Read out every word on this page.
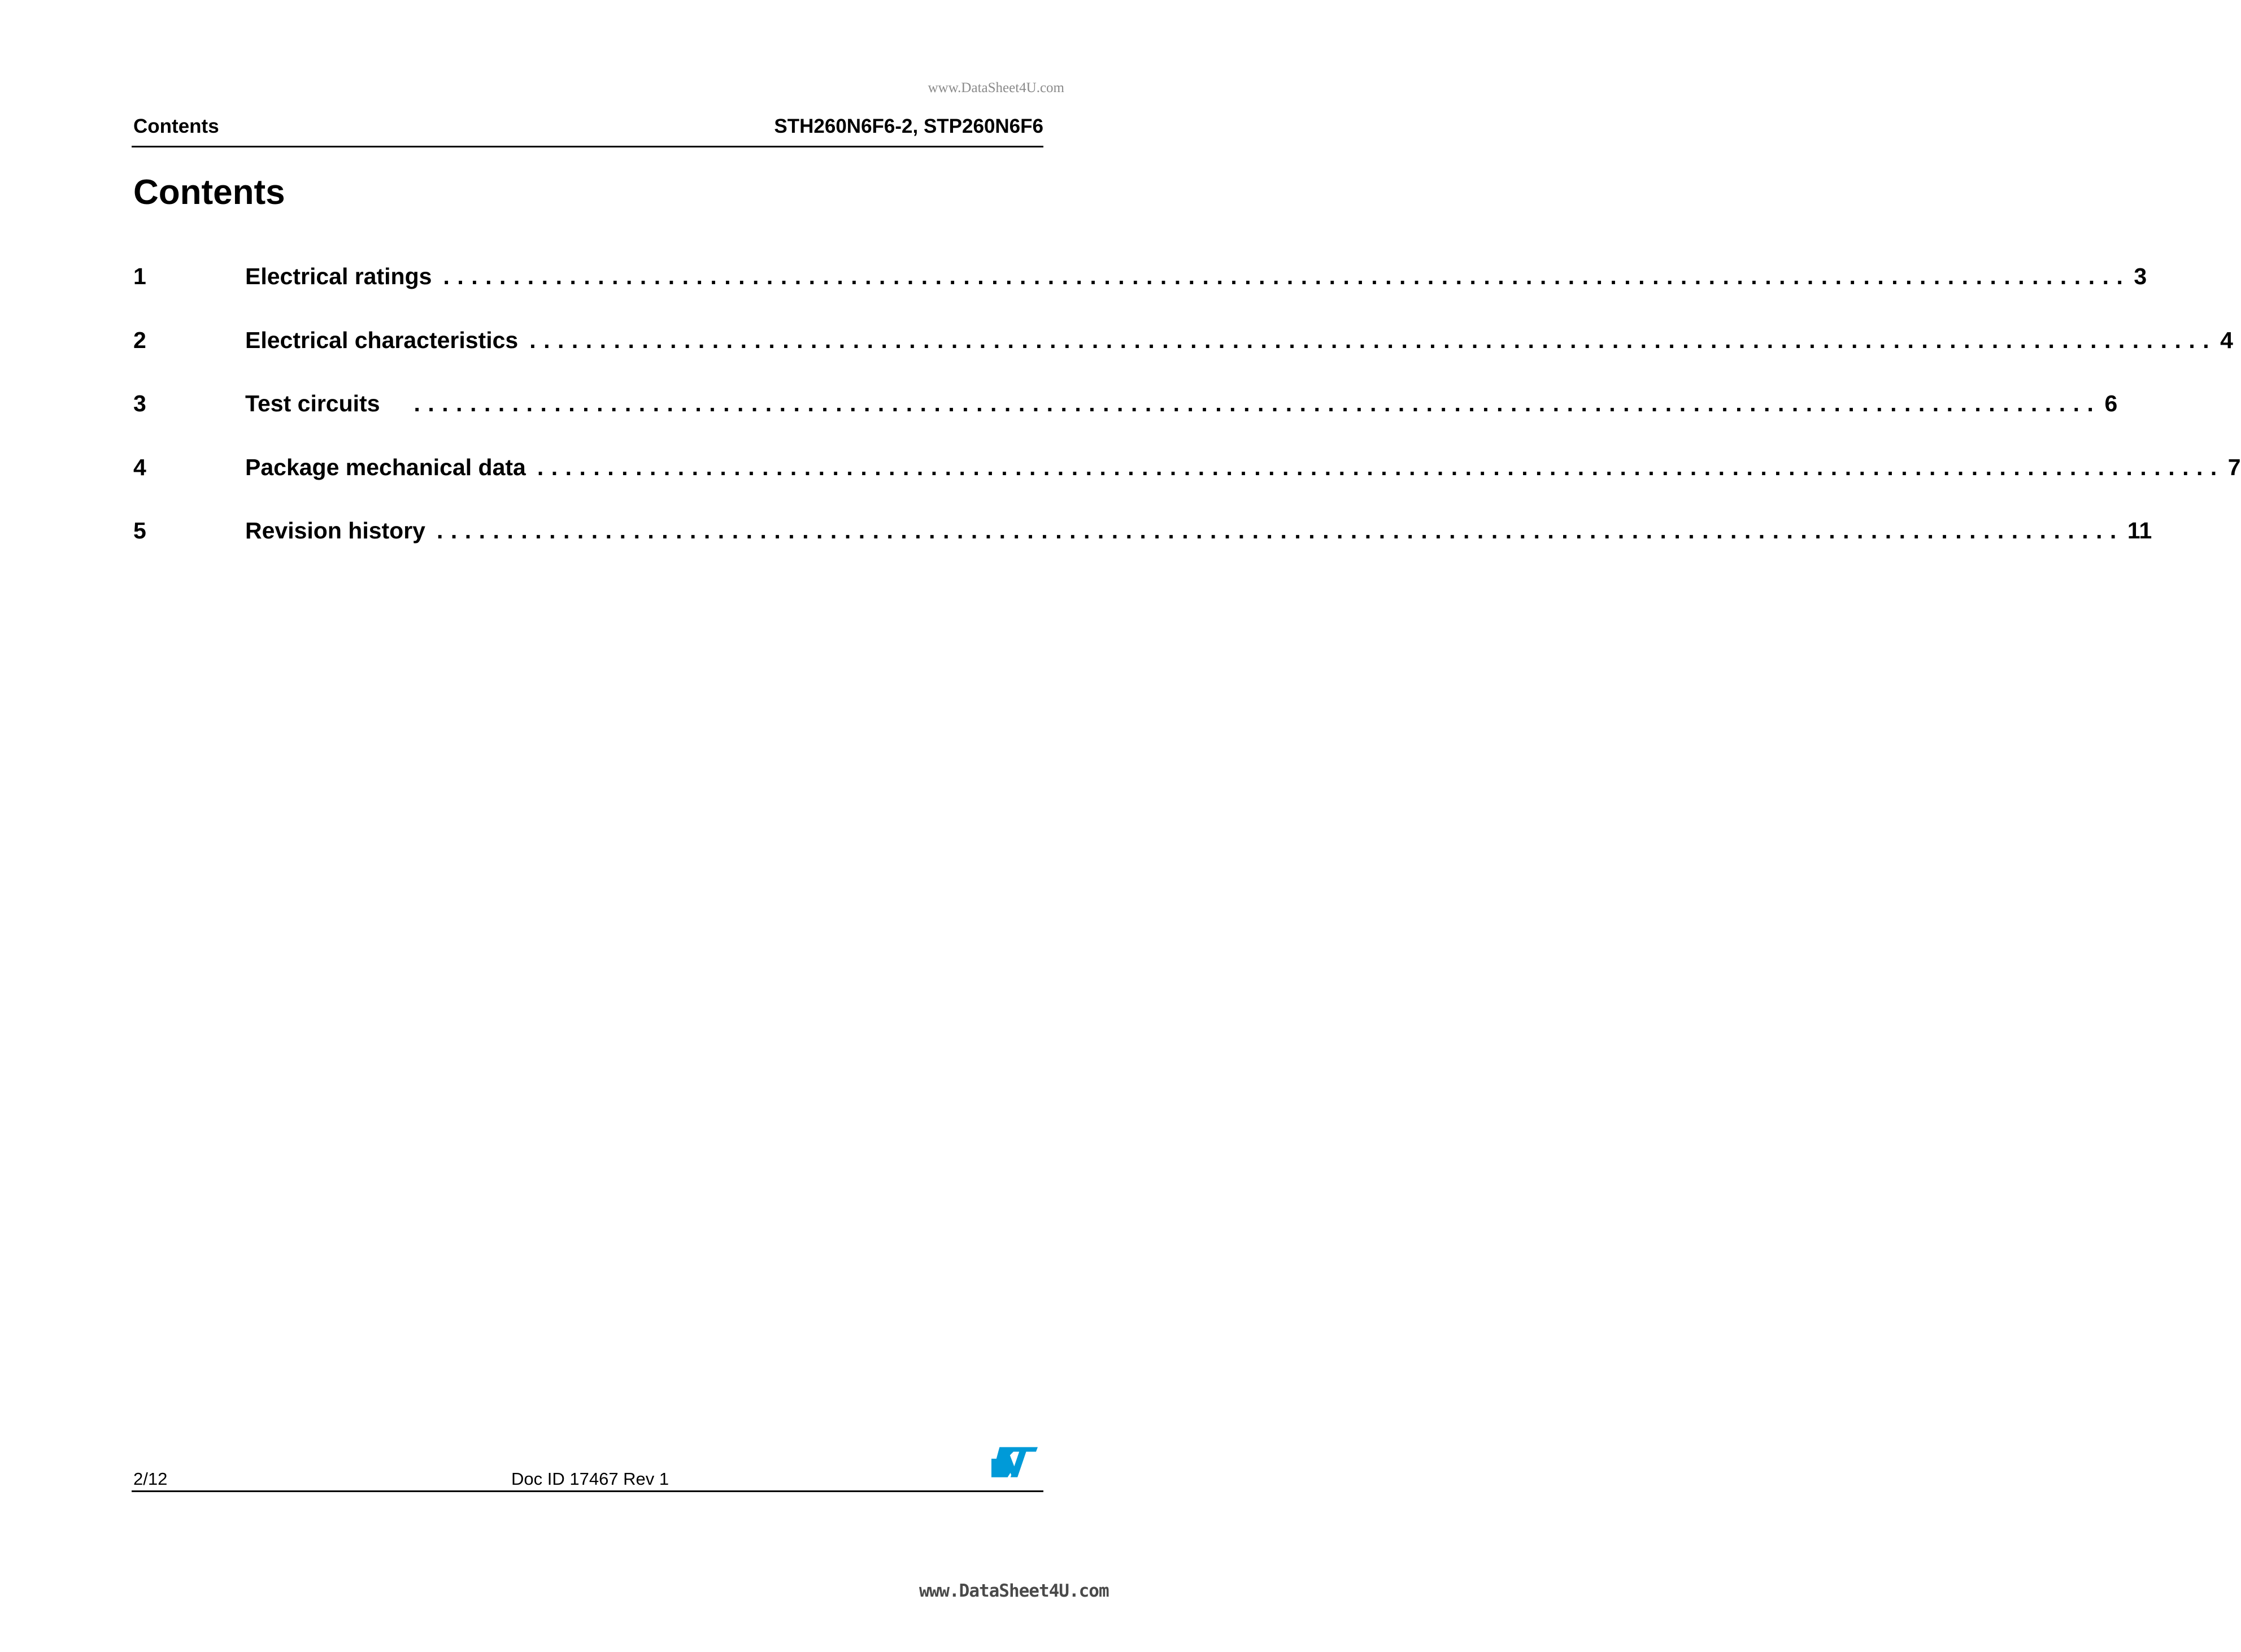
www.DataSheet4U.com
Contents	STH260N6F6-2, STP260N6F6
Contents
1	Electrical ratings ........................................................................................................................ 3
2	Electrical characteristics ........................................................................................................................ 4
3	Test circuits	........................................................................................................................ 6
4	Package mechanical data ........................................................................................................................ 7
5	Revision history ........................................................................................................................ 11
2/12	Doc ID 17467 Rev 1
www.DataSheet4U.com
